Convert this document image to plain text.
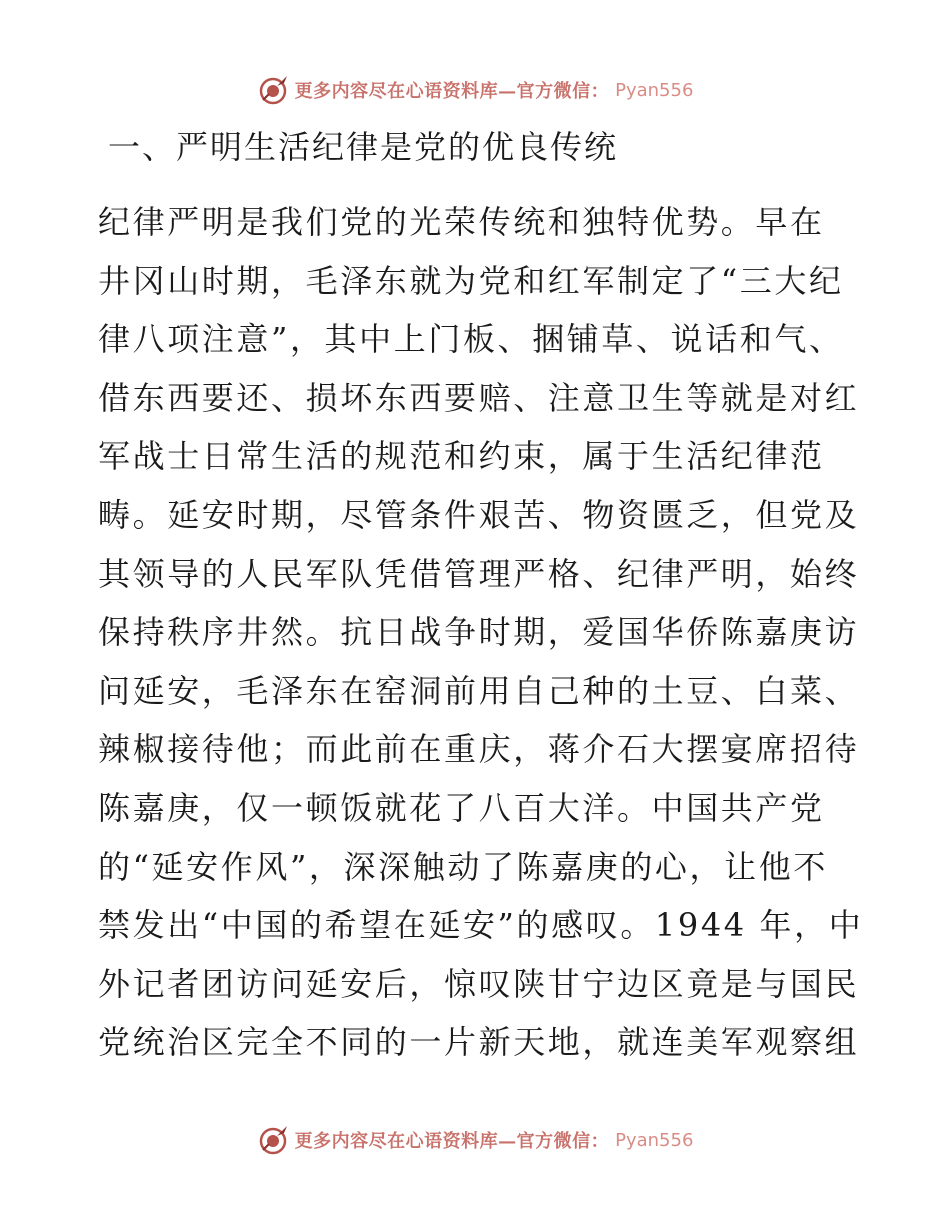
更多内容尽在心语资料库—官方微信： Pyan556
一、严明生活纪律是党的优良传统
纪律严明是我们党的光荣传统和独特优势。早在
井冈山时期，毛泽东就为党和红军制定了“三大纪
律八项注意”，其中上门板、捆铺草、说话和气、
借东西要还、损坏东西要赔、注意卫生等就是对红
军战士日常生活的规范和约束，属于生活纪律范
畴。延安时期，尽管条件艰苦、物资匮乏，但党及
其领导的人民军队凭借管理严格、纪律严明，始终
保持秩序井然。抗日战争时期，爱国华侨陈嘉庚访
问延安，毛泽东在窑洞前用自己种的土豆、白菜、
辣椒接待他；而此前在重庆，蒋介石大摆宴席招待
陈嘉庚，仅一顿饭就花了八百大洋。中国共产党
的“延安作风”，深深触动了陈嘉庚的心，让他不
禁发出“中国的希望在延安”的感叹。1944 年，中
外记者团访问延安后，惊叹陕甘宁边区竟是与国民
党统治区完全不同的一片新天地，就连美军观察组
更多内容尽在心语资料库—官方微信： Pyan556
